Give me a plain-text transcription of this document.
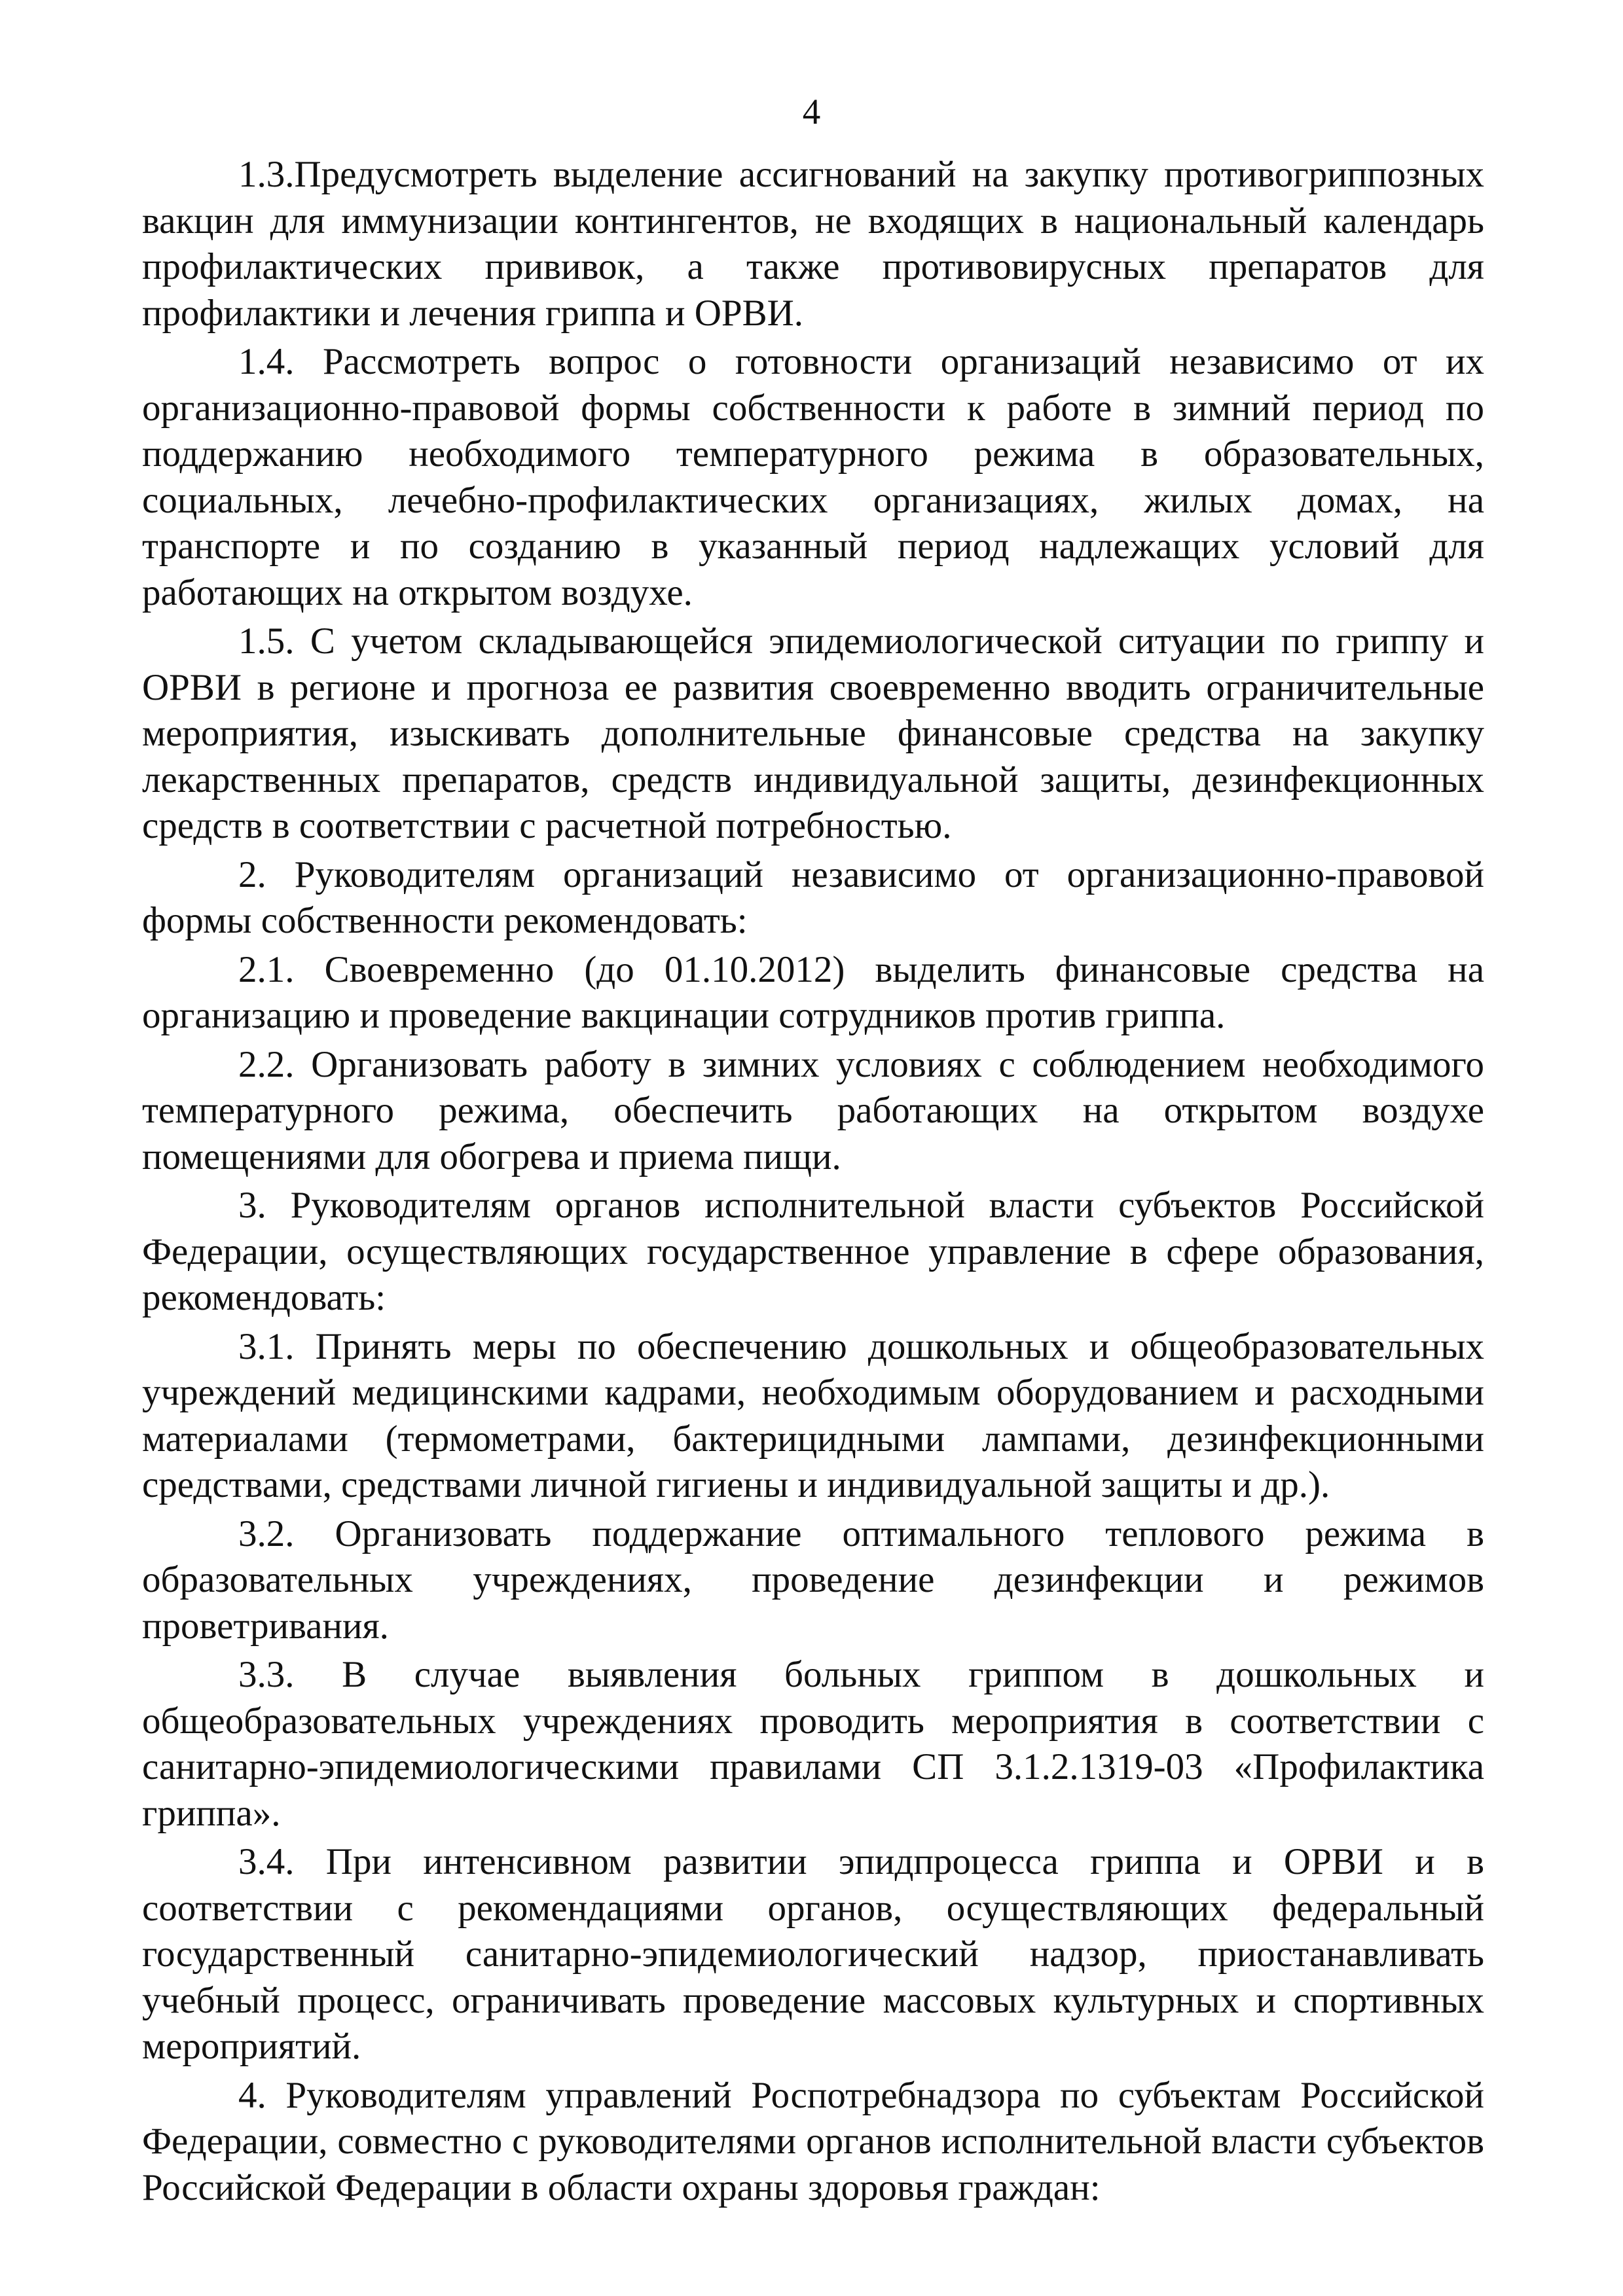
4

1.3.Предусмотреть выделение ассигнований на закупку противогриппозных вакцин для иммунизации контингентов, не входящих в национальный календарь профилактических прививок, а также противовирусных препаратов для профилактики и лечения гриппа и ОРВИ.

1.4. Рассмотреть вопрос о готовности организаций независимо от их организационно-правовой формы собственности к работе в зимний период по поддержанию необходимого температурного режима в образовательных, социальных, лечебно-профилактических организациях, жилых домах, на транспорте и по созданию в указанный период надлежащих условий для работающих на открытом воздухе.

1.5. С учетом складывающейся эпидемиологической ситуации по гриппу и ОРВИ в регионе и прогноза ее развития своевременно вводить ограничительные мероприятия, изыскивать дополнительные финансовые средства на закупку лекарственных препаратов, средств индивидуальной защиты, дезинфекционных средств в соответствии с расчетной потребностью.

2. Руководителям организаций независимо от организационно-правовой формы собственности рекомендовать:

2.1. Своевременно (до 01.10.2012) выделить финансовые средства на организацию и проведение вакцинации сотрудников против гриппа.

2.2. Организовать работу в зимних условиях с соблюдением необходимого температурного режима, обеспечить работающих на открытом воздухе помещениями для обогрева и приема пищи.

3. Руководителям органов исполнительной власти субъектов Российской Федерации, осуществляющих государственное управление в сфере образования, рекомендовать:

3.1. Принять меры по обеспечению дошкольных и общеобразовательных учреждений медицинскими кадрами, необходимым оборудованием и расходными материалами (термометрами, бактерицидными лампами, дезинфекционными средствами, средствами личной гигиены и индивидуальной защиты и др.).

3.2. Организовать поддержание оптимального теплового режима в образовательных учреждениях, проведение дезинфекции и режимов проветривания.

3.3. В случае выявления больных гриппом в дошкольных и общеобразовательных учреждениях проводить мероприятия в соответствии с санитарно-эпидемиологическими правилами СП 3.1.2.1319-03 «Профилактика гриппа».

3.4. При интенсивном развитии эпидпроцесса гриппа и ОРВИ и в соответствии с рекомендациями органов, осуществляющих федеральный государственный санитарно-эпидемиологический надзор, приостанавливать учебный процесс, ограничивать проведение массовых культурных и спортивных мероприятий.

4. Руководителям управлений Роспотребнадзора по субъектам Российской Федерации, совместно с руководителями органов исполнительной власти субъектов Российской Федерации в области охраны здоровья граждан:
